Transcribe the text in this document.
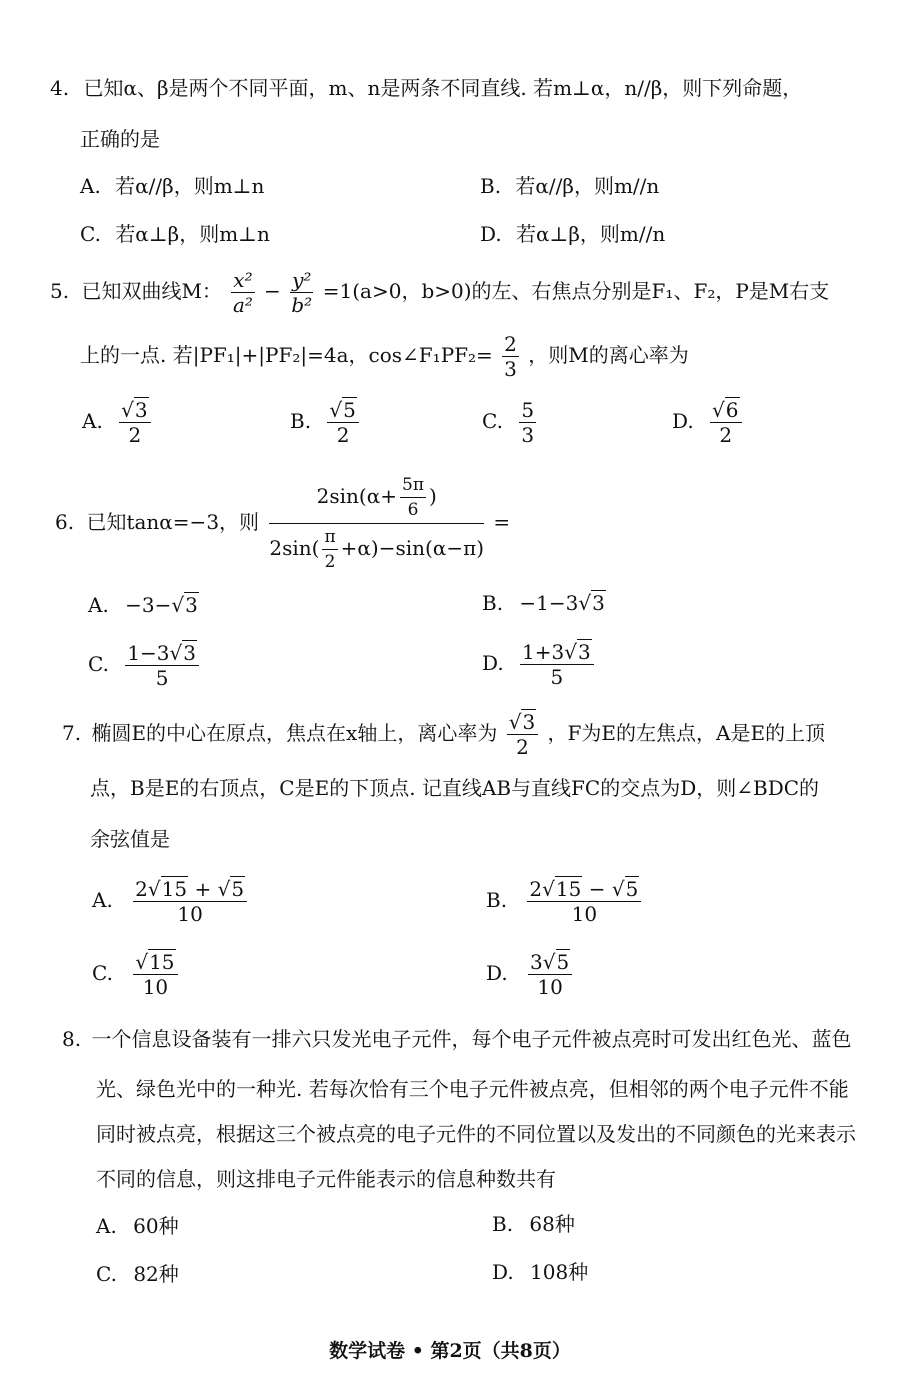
4. 已知α、β是两个不同平面，m、n是两条不同直线. 若m⊥α，n//β，则下列命题，
正确的是
A. 若α//β，则m⊥n	B. 若α//β，则m//n
C. 若α⊥β，则m⊥n	D. 若α⊥β，则m//n
5. 已知双曲线M： $\frac{\text{x²}}{\text{a²}} - \frac{\text{y²}}{\text{b²}} =1(a>0$，b>0)的左、右焦点分别是F₁、F₂，P是M右支
上的一点. 若|PF₁|+|PF₂|=4a，cos∠F₁PF₂= $\frac{2}{3}$ ，则M的离心率为
A. $\frac{√3}{2}$	B. $\frac{√5}{2}$	C. $\frac{5}{3}$	D. $\frac{√6}{2}$
6. 已知tanα=−3，则 $\frac{2\sin(\alpha+ \frac{5\pi}{6} )}{2\sin( \frac{\pi}{2} +\alpha)-\sin(\alpha-\pi)}$ =
A. −3−√3	B. −1−3√3
C. $\frac{1-3√3}{5}$	D. $\frac{1+3√3}{5}$
7. 椭圆E的中心在原点，焦点在x轴上，离心率为 $\frac{√3}{2}$ ，F为E的左焦点，A是E的上顶
点，B是E的右顶点，C是E的下顶点. 记直线AB与直线FC的交点为D，则∠BDC的
余弦值是
A. $\frac{2√15 + √5}{10}$	B. $\frac{2√15 - √5}{10}$
C. $\frac{√15}{10}$	D. $\frac{3√5}{10}$
8. 一个信息设备装有一排六只发光电子元件，每个电子元件被点亮时可发出红色光、蓝色
光、绿色光中的一种光. 若每次恰有三个电子元件被点亮，但相邻的两个电子元件不能
同时被点亮，根据这三个被点亮的电子元件的不同位置以及发出的不同颜色的光来表示
不同的信息，则这排电子元件能表示的信息种数共有
A. 60种	B. 68种
C. 82种	D. 108种
数学试卷 • 第2页（共8页）
